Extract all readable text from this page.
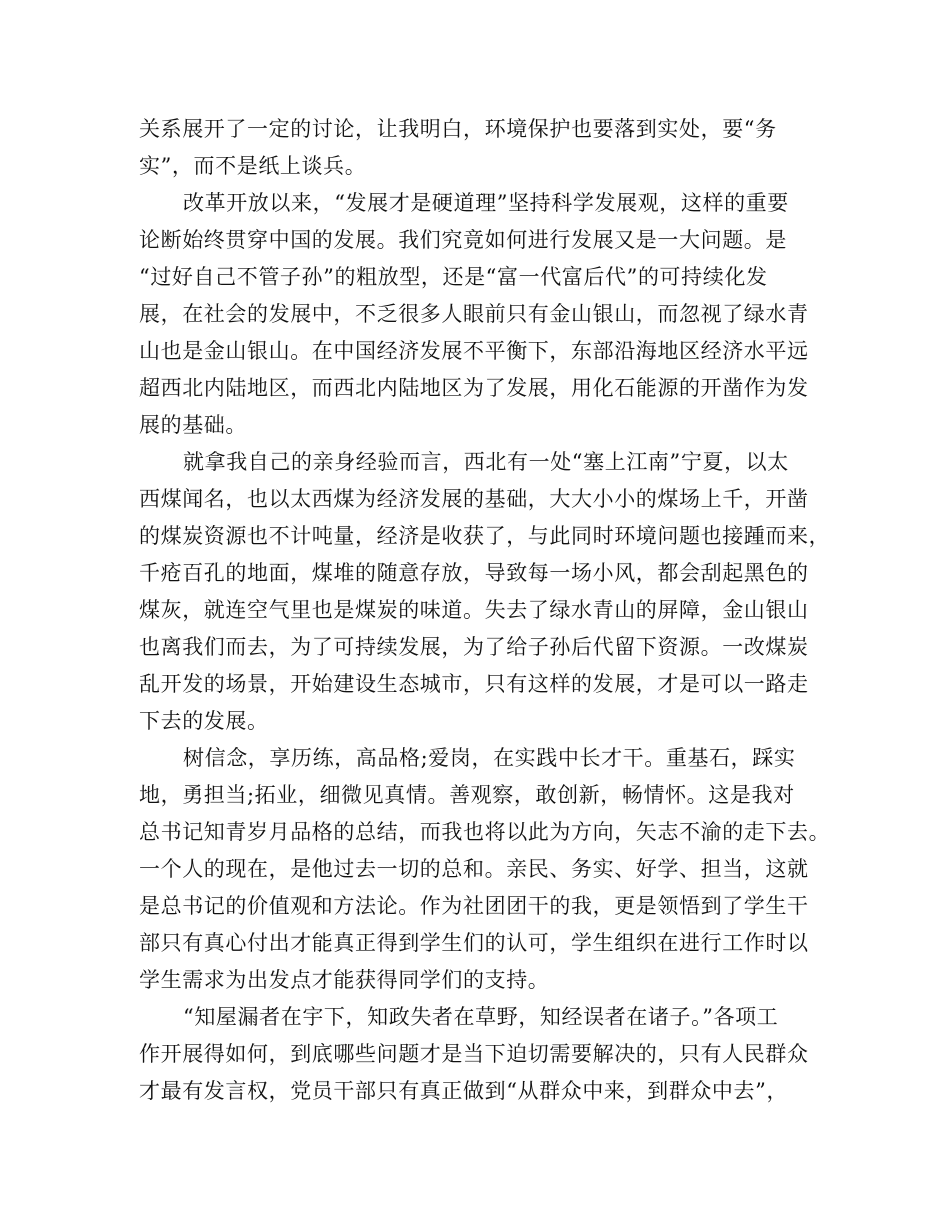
关系展开了一定的讨论，让我明白，环境保护也要落到实处，要“务
实”，而不是纸上谈兵。
改革开放以来，“发展才是硬道理”坚持科学发展观，这样的重要
论断始终贯穿中国的发展。我们究竟如何进行发展又是一大问题。是
“过好自己不管子孙”的粗放型，还是“富一代富后代”的可持续化发
展，在社会的发展中，不乏很多人眼前只有金山银山，而忽视了绿水青
山也是金山银山。在中国经济发展不平衡下，东部沿海地区经济水平远
超西北内陆地区，而西北内陆地区为了发展，用化石能源的开凿作为发
展的基础。
就拿我自己的亲身经验而言，西北有一处“塞上江南”宁夏，以太
西煤闻名，也以太西煤为经济发展的基础，大大小小的煤场上千，开凿
的煤炭资源也不计吨量，经济是收获了，与此同时环境问题也接踵而来，
千疮百孔的地面，煤堆的随意存放，导致每一场小风，都会刮起黑色的
煤灰，就连空气里也是煤炭的味道。失去了绿水青山的屏障，金山银山
也离我们而去，为了可持续发展，为了给子孙后代留下资源。一改煤炭
乱开发的场景，开始建设生态城市，只有这样的发展，才是可以一路走
下去的发展。
树信念，享历练，高品格;爱岗，在实践中长才干。重基石，踩实
地，勇担当;拓业，细微见真情。善观察，敢创新，畅情怀。这是我对
总书记知青岁月品格的总结，而我也将以此为方向，矢志不渝的走下去。
一个人的现在，是他过去一切的总和。亲民、务实、好学、担当，这就
是总书记的价值观和方法论。作为社团团干的我，更是领悟到了学生干
部只有真心付出才能真正得到学生们的认可，学生组织在进行工作时以
学生需求为出发点才能获得同学们的支持。
“知屋漏者在宇下，知政失者在草野，知经误者在诸子。”各项工
作开展得如何，到底哪些问题才是当下迫切需要解决的，只有人民群众
才最有发言权，党员干部只有真正做到“从群众中来，到群众中去”，
